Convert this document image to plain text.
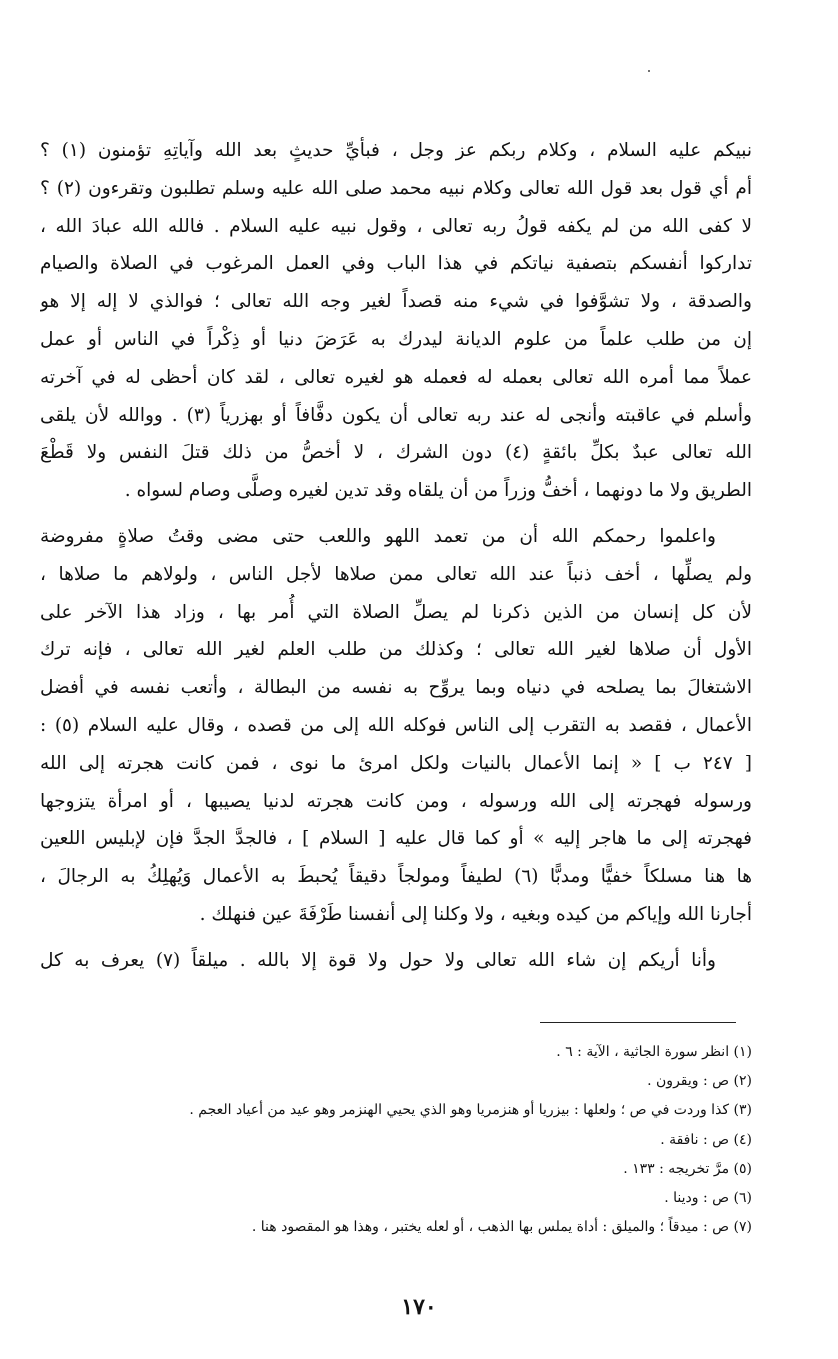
نبيكم عليه السلام ، وكلام ربكم عز وجل ، فبأيِّ حديثٍ بعد الله وآياتِهِ تؤمنون (١) ؟
أم أي قول بعد قول الله تعالى وكلام نبيه محمد صلى الله عليه وسلم تطلبون وتقرءون (٢) ؟
لا كفى الله من لم يكفه قولُ ربه تعالى ، وقول نبيه عليه السلام . فالله الله عبادَ الله ،
تداركوا أنفسكم بتصفية نياتكم في هذا الباب وفي العمل المرغوب في الصلاة والصيام
والصدقة ، ولا تشوَّفوا في شيء منه قصداً لغير وجه الله تعالى ؛ فوالذي لا إله إلا هو
إن من طلب علماً من علوم الديانة ليدرك به عَرَضَ دنيا أو ذِكْراً في الناس أو عمل
عملاً مما أمره الله تعالى بعمله له فعمله هو لغيره تعالى ، لقد كان أحظى له في آخرته
وأسلم في عاقبته وأنجى له عند ربه تعالى أن يكون دفَّافاً أو بهزرياً (٣) . ووالله لأن يلقى
الله تعالى عبدٌ بكلِّ بائقةٍ (٤) دون الشرك ، لا أخصُّ من ذلك قتلَ النفس ولا قَطْعَ
الطريق ولا ما دونهما ، أخفُّ وزراً من أن يلقاه وقد تدين لغيره وصلَّى وصام لسواه .
واعلموا رحمكم الله أن من تعمد اللهو واللعب حتى مضى وقتُ صلاةٍ مفروضة
ولم يصلِّها ، أخف ذنباً عند الله تعالى ممن صلاها لأجل الناس ، ولولاهم ما صلاها ،
لأن كل إنسان من الذين ذكرنا لم يصلِّ الصلاة التي أُمر بها ، وزاد هذا الآخر على
الأول أن صلاها لغير الله تعالى ؛ وكذلك من طلب العلم لغير الله تعالى ، فإنه ترك
الاشتغالَ بما يصلحه في دنياه وبما يروِّح به نفسه من البطالة ، وأتعب نفسه في أفضل
الأعمال ، فقصد به التقرب إلى الناس فوكله الله إلى من قصده ، وقال عليه السلام (٥) :
[ ٢٤٧ ب ] « إنما الأعمال بالنيات ولكل امرئ ما نوى ، فمن كانت هجرته إلى الله
ورسوله فهجرته إلى الله ورسوله ، ومن كانت هجرته لدنيا يصيبها ، أو امرأة يتزوجها
فهجرته إلى ما هاجر إليه » أو كما قال عليه [ السلام ] ، فالجدَّ الجدَّ فإن لإبليس اللعين
ها هنا مسلكاً خفيًّا ومدبًّا (٦) لطيفاً ومولجاً دقيقاً يُحبطَ به الأعمال وَيُهلِكُ به الرجالَ ،
أجارنا الله وإياكم من كيده وبغيه ، ولا وكلنا إلى أنفسنا طَرْفَةَ عين فنهلك .
وأنا أريكم إن شاء الله تعالى ولا حول ولا قوة إلا بالله . ميلقاً (٧) يعرف به كل
(١) انظر سورة الجاثية ، الآية : ٦ .
(٢) ص : ويقرون .
(٣) كذا وردت في ص ؛ ولعلها : بيزريا أو هنزمريا وهو الذي يحيي الهنزمر وهو عيد من أعياد العجم .
(٤) ص : نافقة .
(٥) مرَّ تخريجه : ١٣٣ .
(٦) ص : ودينا .
(٧) ص : ميدقاً ؛ والميلق : أداة يملس بها الذهب ، أو لعله يختبر ، وهذا هو المقصود هنا .
١٧٠
